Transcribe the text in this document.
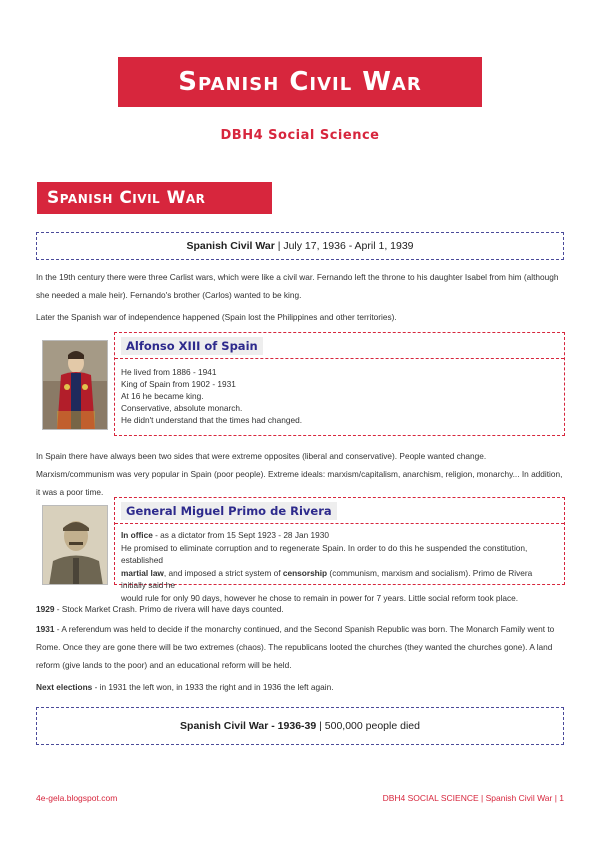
Spanish Civil War
DBH4 Social Science
Spanish Civil War
Spanish Civil War | July 17, 1936 - April 1, 1939
In the 19th century there were three Carlist wars, which were like a civil war. Fernando left the throne to his daughter Isabel from him (although she needed a male heir). Fernando's brother (Carlos) wanted to be king.
Later the Spanish war of independence happened (Spain lost the Philippines and other territories).
Alfonso XIII of Spain
He lived from 1886 - 1941
King of Spain from 1902 - 1931
At 16 he became king.
Conservative, absolute monarch.
He didn't understand that the times had changed.
In Spain there have always been two sides that were extreme opposites (liberal and conservative). People wanted change. Marxism/communism was very popular in Spain (poor people). Extreme ideals: marxism/capitalism, anarchism, religion, monarchy... In addition, it was a poor time.
General Miguel Primo de Rivera
In office - as a dictator from 15 Sept 1923 - 28 Jan 1930
He promised to eliminate corruption and to regenerate Spain. In order to do this he suspended the constitution, established
martial law, and imposed a strict system of censorship (communism, marxism and socialism). Primo de Rivera initially said he
would rule for only 90 days, however he chose to remain in power for 7 years. Little social reform took place.
1929 - Stock Market Crash. Primo de rivera will have days counted.
1931 - A referendum was held to decide if the monarchy continued, and the Second Spanish Republic was born. The Monarch Family went to Rome. Once they are gone there will be two extremes (chaos). The republicans looted the churches (they wanted the churches gone). A land reform (give lands to the poor) and an educational reform will be held.
Next elections - in 1931 the left won, in 1933 the right and in 1936 the left again.
Spanish Civil War - 1936-39 | 500,000 people died
4e-gela.blogspot.com	DBH4 SOCIAL SCIENCE | Spanish Civil War | 1
